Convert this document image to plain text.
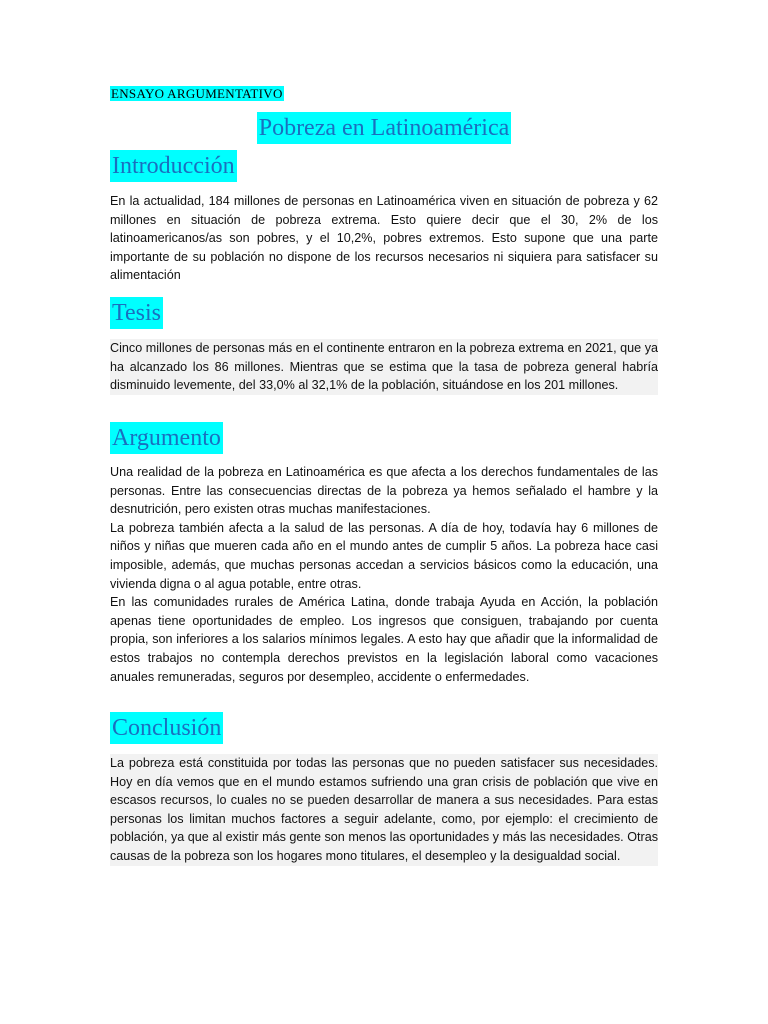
ENSAYO ARGUMENTATIVO
Pobreza en Latinoamérica
Introducción

En la actualidad, 184 millones de personas en Latinoamérica viven en situación de pobreza y 62 millones en situación de pobreza extrema. Esto quiere decir que el 30, 2% de los latinoamericanos/as son pobres, y el 10,2%, pobres extremos. Esto supone que una parte importante de su población no dispone de los recursos necesarios ni siquiera para satisfacer su alimentación

Tesis

Cinco millones de personas más en el continente entraron en la pobreza extrema en 2021, que ya ha alcanzado los 86 millones. Mientras que se estima que la tasa de pobreza general habría disminuido levemente, del 33,0% al 32,1% de la población, situándose en los 201 millones.

Argumento

Una realidad de la pobreza en Latinoamérica es que afecta a los derechos fundamentales de las personas. Entre las consecuencias directas de la pobreza ya hemos señalado el hambre y la desnutrición, pero existen otras muchas manifestaciones.

La pobreza también afecta a la salud de las personas. A día de hoy, todavía hay 6 millones de niños y niñas que mueren cada año en el mundo antes de cumplir 5 años. La pobreza hace casi imposible, además, que muchas personas accedan a servicios básicos como la educación, una vivienda digna o al agua potable, entre otras.

En las comunidades rurales de América Latina, donde trabaja Ayuda en Acción, la población apenas tiene oportunidades de empleo. Los ingresos que consiguen, trabajando por cuenta propia, son inferiores a los salarios mínimos legales. A esto hay que añadir que la informalidad de estos trabajos no contempla derechos previstos en la legislación laboral como vacaciones anuales remuneradas, seguros por desempleo, accidente o enfermedades.

Conclusión

La pobreza está constituida por todas las personas que no pueden satisfacer sus necesidades. Hoy en día vemos que en el mundo estamos sufriendo una gran crisis de población que vive en escasos recursos, lo cuales no se pueden desarrollar de manera a sus necesidades. Para estas personas los limitan muchos factores a seguir adelante, como, por ejemplo: el crecimiento de población, ya que al existir más gente son menos las oportunidades y más las necesidades. Otras causas de la pobreza son los hogares mono titulares, el desempleo y la desigualdad social.
